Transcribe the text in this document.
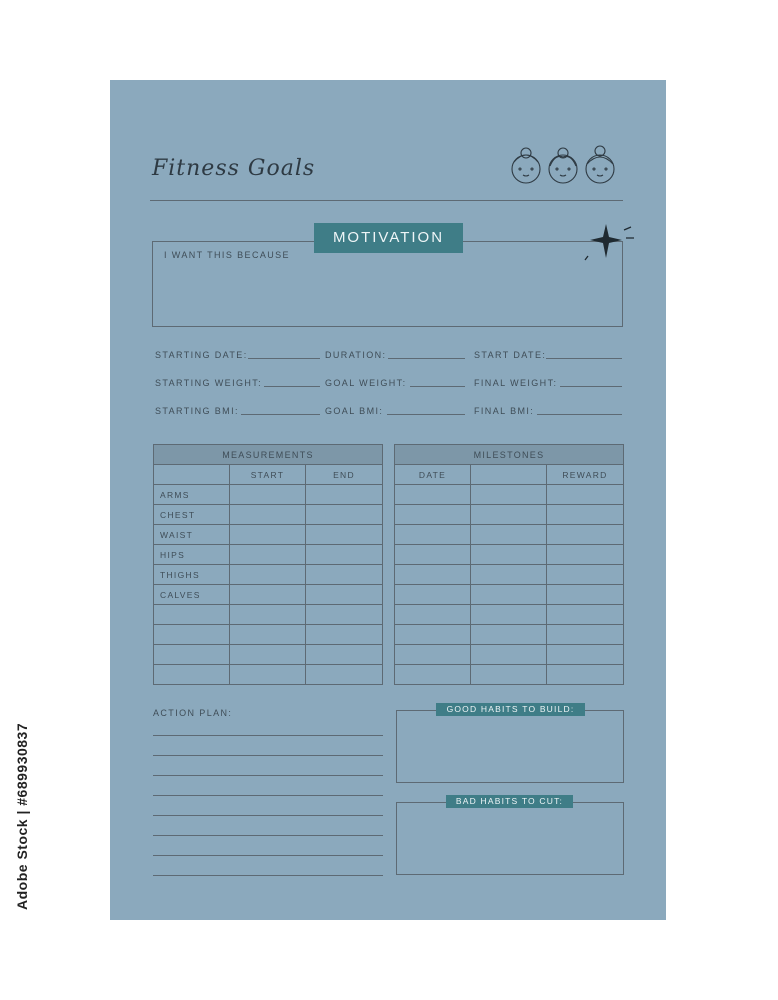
Fitness Goals
MOTIVATION
I WANT THIS BECAUSE
STARTING DATE:	DURATION:	START DATE:
STARTING WEIGHT:	GOAL WEIGHT:	FINAL WEIGHT:
STARTING BMI:	GOAL BMI:	FINAL BMI:
MEASUREMENTS		
	START	END
ARMS		
CHEST		
WAIST		
HIPS		
THIGHS		
CALVES		

MILESTONES		
DATE		REWARD

ACTION PLAN:	GOOD HABITS TO BUILD:
BAD HABITS TO CUT:
Adobe Stock | #689930837
